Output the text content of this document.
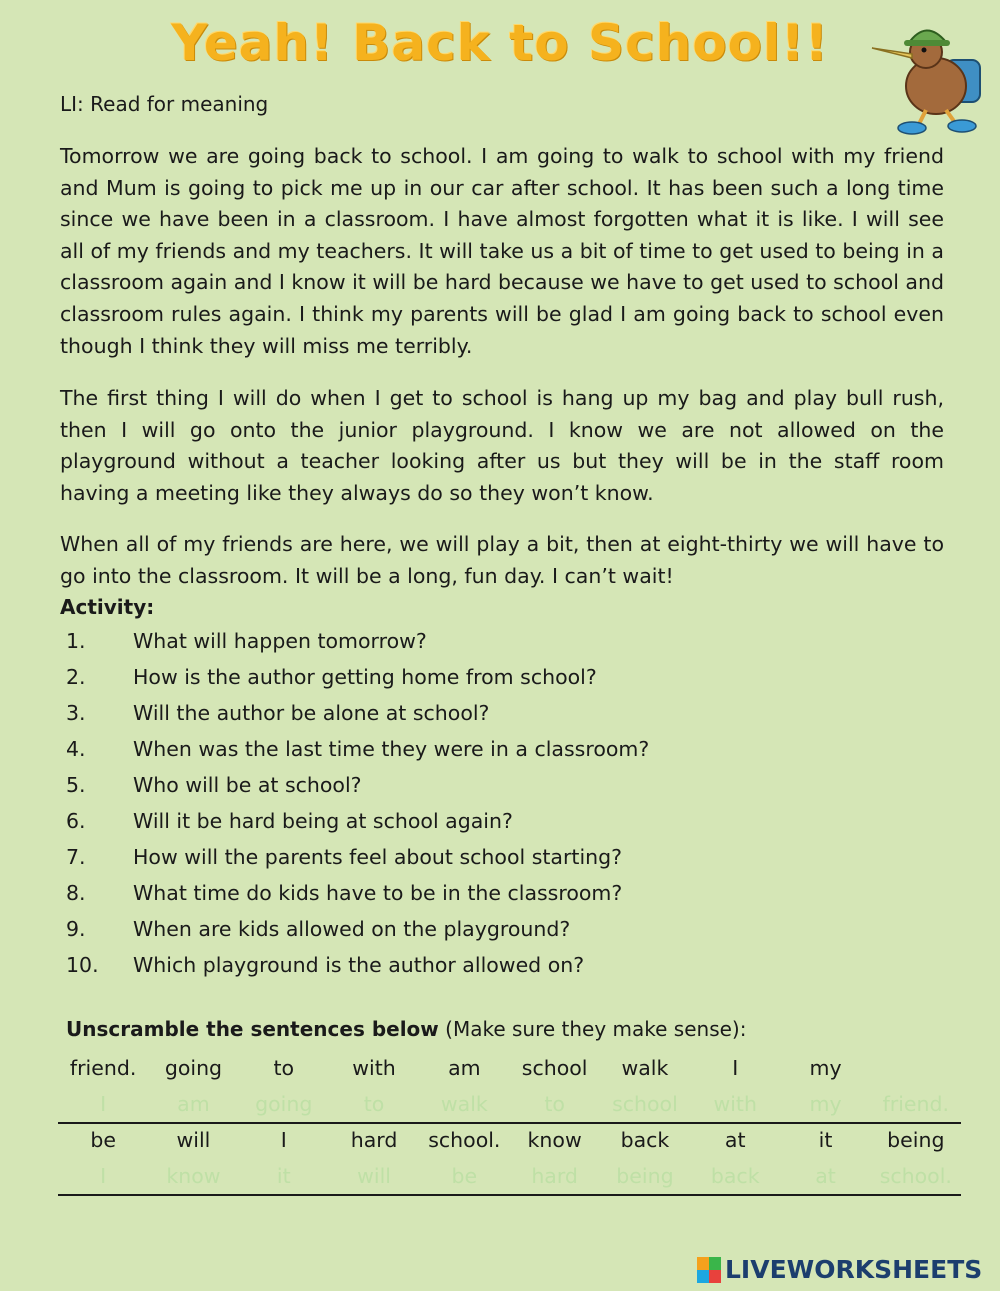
Yeah! Back to School!!
LI: Read for meaning

Tomorrow we are going back to school. I am going to walk to school with my friend and Mum is going to pick me up in our car after school. It has been such a long time since we have been in a classroom. I have almost forgotten what it is like. I will see all of my friends and my teachers. It will take us a bit of time to get used to being in a classroom again and I know it will be hard because we have to get used to school and classroom rules again. I think my parents will be glad I am going back to school even though I think they will miss me terribly.

The first thing I will do when I get to school is hang up my bag and play bull rush, then I will go onto the junior playground. I know we are not allowed on the playground without a teacher looking after us but they will be in the staff room having a meeting like they always do so they won’t know.

When all of my friends are here, we will play a bit, then at eight-thirty we will have to go into the classroom. It will be a long, fun day. I can’t wait!

Activity:
1.	What will happen tomorrow?
2.	How is the author getting home from school?
3.	Will the author be alone at school?
4.	When was the last time they were in a classroom?
5.	Who will be at school?
6.	Will it be hard being at school again?
7.	How will the parents feel about school starting?
8.	What time do kids have to be in the classroom?
9.	When are kids allowed on the playground?
10.	Which playground is the author allowed on?
Unscramble the sentences below (Make sure they make sense):
friend.	going	to	with	am	school	walk	I	my
I	am	going	to	walk	to	school	with	my	friend.
be	will	I	hard	school.	know	back	at	it	being
I	know	it	will	be	hard	being	back	at	school.
LIVEWORKSHEETS
